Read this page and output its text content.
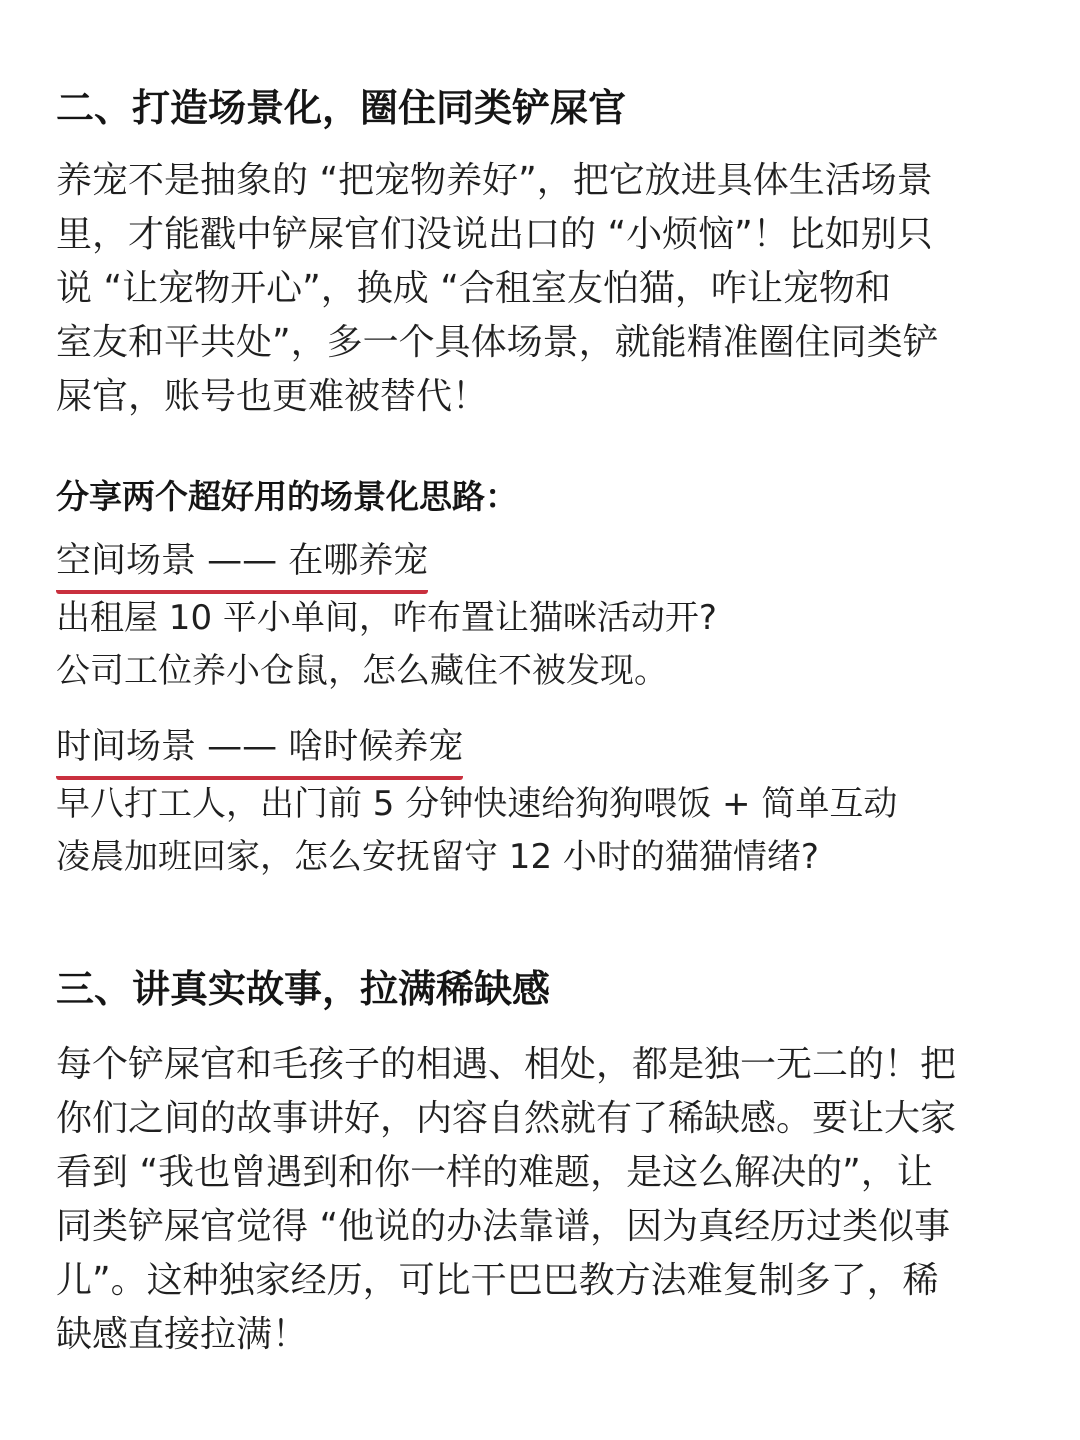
二、打造场景化，圈住同类铲屎官
养宠不是抽象的 “把宠物养好”，把它放进具体生活场景
里，才能戳中铲屎官们没说出口的 “小烦恼”！比如别只
说 “让宠物开心”，换成 “合租室友怕猫，咋让宠物和
室友和平共处”，多一个具体场景，就能精准圈住同类铲
屎官，账号也更难被替代！
分享两个超好用的场景化思路：
空间场景 —— 在哪养宠
出租屋 10 平小单间，咋布置让猫咪活动开?
公司工位养小仓鼠，怎么藏住不被发现。
时间场景 —— 啥时候养宠
早八打工人，出门前 5 分钟快速给狗狗喂饭 + 简单互动
凌晨加班回家，怎么安抚留守 12 小时的猫猫情绪?
三、讲真实故事，拉满稀缺感
每个铲屎官和毛孩子的相遇、相处，都是独一无二的！把
你们之间的故事讲好，内容自然就有了稀缺感。要让大家
看到 “我也曾遇到和你一样的难题，是这么解决的”，让
同类铲屎官觉得 “他说的办法靠谱，因为真经历过类似事
儿”。这种独家经历，可比干巴巴教方法难复制多了，稀
缺感直接拉满！
